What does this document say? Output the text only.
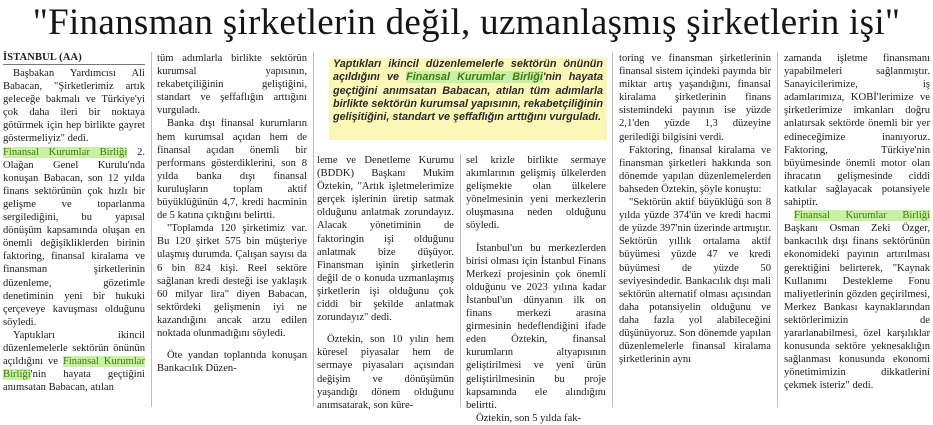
"Finansman şirketlerin değil, uzmanlaşmış şirketlerin işi"
İSTANBUL (AA)

Başbakan Yardımcısı Ali Babacan, "Şirketlerimiz artık geleceğe bakmalı ve Türkiye'yi çok daha ileri bir noktaya götürmek için hep birlikte gayret göstermeliyiz" dedi.

Finansal Kurumlar Birliği 2. Olağan Genel Kurulu'nda konuşan Babacan, son 12 yılda finans sektörünün çok hızlı bir gelişme ve toparlanma sergilediğini, bu yapısal dönüşüm kapsamında oluşan en önemli değişikliklerden birinin faktoring, finansal kiralama ve finansman şirketlerinin düzenleme, gözetimle denetiminin yeni bir hukuki çerçeveye kavuşması olduğunu söyledi.

Yaptıkları ikincil düzenlemelerle sektörün önünün açıldığını ve Finansal Kurumlar Birliği'nin hayata geçtiğini anımsatan Babacan, atılan

tüm adımlarla birlikte sektörün kurumsal yapısının, rekabetçiliğinin geliştiğini, standart ve şeffaflığın arttığını vurguladı.

Banka dışı finansal kurumların hem kurumsal açıdan hem de finansal açıdan önemli bir performans gösterdiklerini, son 8 yılda banka dışı finansal kuruluşların toplam aktif büyüklüğünün 4,7, kredi hacminin de 5 katına çıktığını belirtti.

"Toplamda 120 şirketimiz var. Bu 120 şirket 575 bin müşteriye ulaşmış durumda. Çalışan sayısı da 6 bin 824 kişi. Reel sektöre sağlanan kredi desteği ise yaklaşık 60 milyar lira" diyen Babacan, sektördeki gelişmenin iyi ne kazandığını ancak arzu edilen noktada olunmadığını söyledi.

Öte yandan toplantıda konuşan Bankacılık Düzen-

Yaptıkları ikincil düzenlemelerle sektörün önünün açıldığını ve Finansal Kurumlar Birliği'nin hayata geçtiğini anımsatan Babacan, atılan tüm adımlarla birlikte sektörün kurumsal yapısının, rekabetçiliğinin gelişitiğini, standart ve şeffaflığın arttığını vurguladı.

leme ve Denetleme Kurumu (BDDK) Başkanı Mukim Öztekin, "Artık işletmelerimize gerçek işlerinin üretip satmak olduğunu anlatmak zorundayız. Alacak yönetiminin de faktoringin işi olduğunu anlatmak bize düşüyor. Finansman işinin şirketlerin değil de o konuda uzmanlaşmış şirketlerin işi olduğunu çok ciddi bir şekilde anlatmak zorundayız" dedi.

Öztekin, son 10 yılın hem küresel piyasalar hem de sermaye piyasaları açısından değişim ve dönüşümün yaşandığı dönem olduğunu anımsatarak, son küre-

sel krizle birlikte sermaye akımlarının gelişmiş ülkelerden gelişmekte olan ülkelere yönelmesinin yeni merkezlerin oluşmasına neden olduğunu söyledi.

İstanbul'un bu merkezlerden birisi olması için İstanbul Finans Merkezi projesinin çok önemli olduğunu ve 2023 yılına kadar İstanbul'un dünyanın ilk on finans merkezi arasına girmesinin hedeflendiğini ifade eden Öztekin, finansal kurumların altyapısının geliştirilmesi ve yeni ürün geliştirilmesinin bu proje kapsamında ele alındığını belirtti.

Öztekin, son 5 yılda fak-

toring ve finansman şirketlerinin finansal sistem içindeki payında bir miktar artış yaşandığını, finansal kiralama şirketlerinin finans sistemindeki payının ise yüzde 2,1'den yüzde 1,3 düzeyine gerilediği bilgisini verdi.

Faktoring, finansal kiralama ve finansman şirketleri hakkında son dönemde yapılan düzenlemelerden bahseden Öztekin, şöyle konuştu:

"Sektörün aktif büyüklüğü son 8 yılda yüzde 374'ün ve kredi hacmi de yüzde 397'nin üzerinde artmıştır. Sektörün yıllık ortalama aktif büyümesi yüzde 47 ve kredi büyümesi de yüzde 50 seviyesindedir. Bankacılık dışı mali sektörün alternatif olması açısından daha potansiyelin olduğunu ve daha fazla yol alabileceğini düşünüyoruz. Son dönemde yapılan düzenlemelerle finansal kiralama şirketlerinin aynı

zamanda işletme finansmanı yapabilmeleri sağlanmıştır. Sanayicilerimize, iş adamlarımıza, KOBİ'lerimize ve şirketlerimize imkanları doğru anlatırsak sektörde önemli bir yer edineceğimize inanıyoruz. Faktoring, Türkiye'nin büyümesinde önemli motor olan ihracatın gelişmesinde ciddi katkılar sağlayacak potansiyele sahiptir.

Finansal Kurumlar Birliği Başkanı Osman Zeki Özger, bankacılık dışı finans sektörünün ekonomideki payının artırılması gerektiğini belirterek, "Kaynak Kullanımı Destekleme Fonu maliyetlerinin gözden geçirilmesi, Merkez Bankası kaynaklarından sektörlerimizin de yararlanabilmesi, özel karşılıklar konusunda sektöre yeknesaklığın sağlanması konusunda ekonomi yönetimimizin dikkatlerini çekmek isteriz" dedi.
